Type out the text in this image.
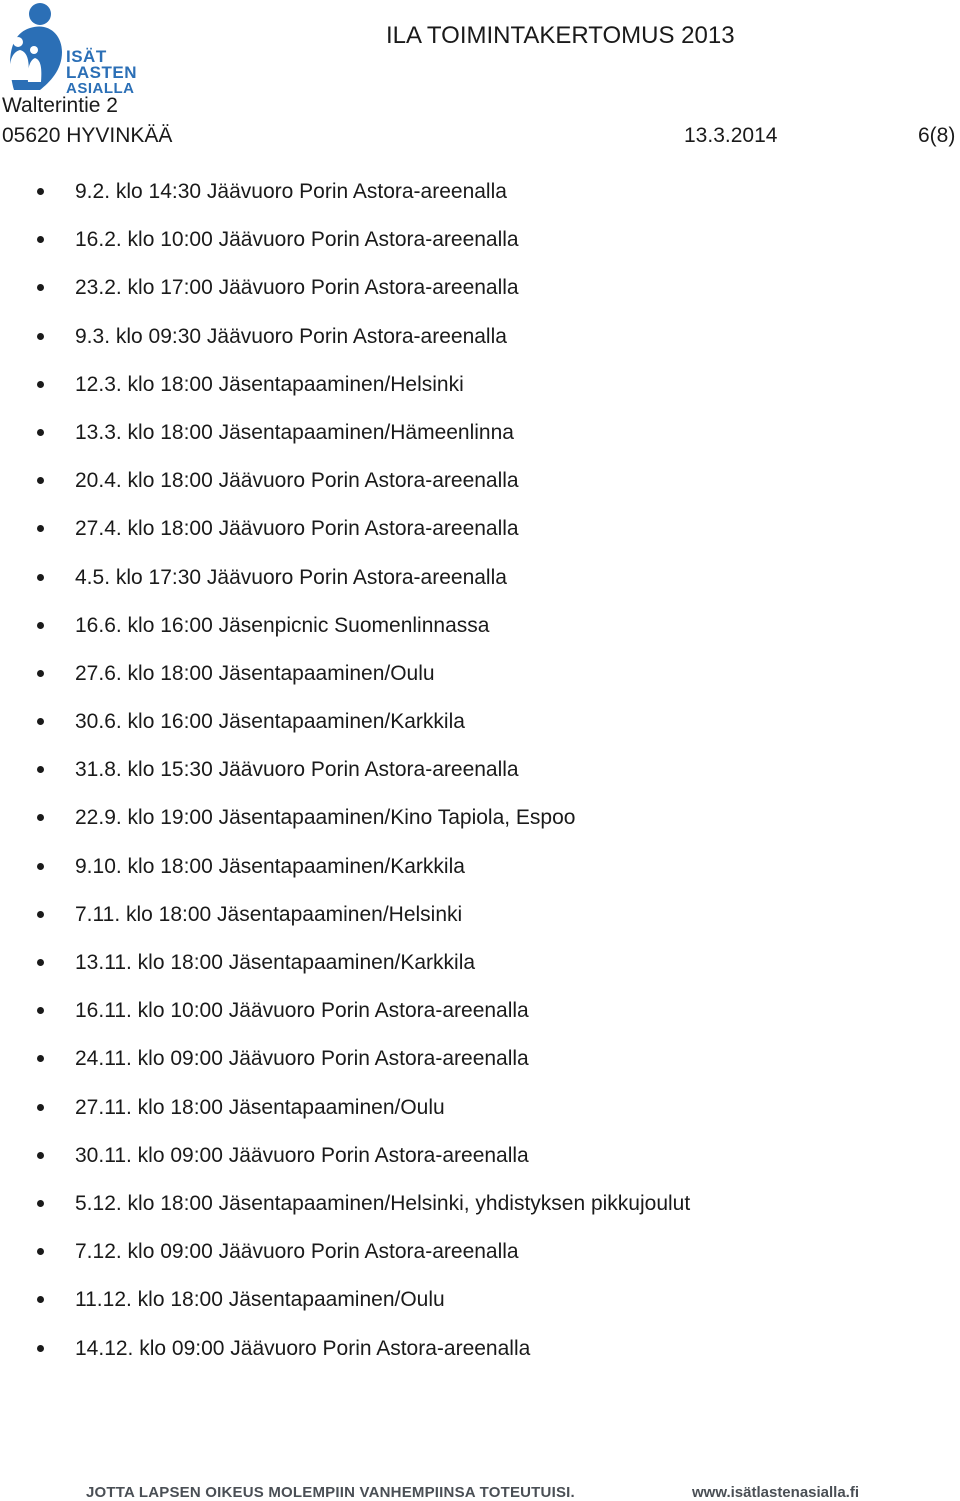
ISÄT
LASTEN
ASIALLA
ILA TOIMINTAKERTOMUS 2013
Walterintie 2
05620 HYVINKÄÄ	13.3.2014	6(8)
9.2. klo 14:30 Jäävuoro Porin Astora-areenalla
16.2. klo 10:00 Jäävuoro Porin Astora-areenalla
23.2. klo 17:00 Jäävuoro Porin Astora-areenalla
9.3. klo 09:30 Jäävuoro Porin Astora-areenalla
12.3. klo 18:00 Jäsentapaaminen/Helsinki
13.3. klo 18:00 Jäsentapaaminen/Hämeenlinna
20.4. klo 18:00 Jäävuoro Porin Astora-areenalla
27.4. klo 18:00 Jäävuoro Porin Astora-areenalla
4.5. klo 17:30 Jäävuoro Porin Astora-areenalla
16.6. klo 16:00 Jäsenpicnic Suomenlinnassa
27.6. klo 18:00 Jäsentapaaminen/Oulu
30.6. klo 16:00 Jäsentapaaminen/Karkkila
31.8. klo 15:30 Jäävuoro Porin Astora-areenalla
22.9. klo 19:00 Jäsentapaaminen/Kino Tapiola, Espoo
9.10. klo 18:00 Jäsentapaaminen/Karkkila
7.11. klo 18:00 Jäsentapaaminen/Helsinki
13.11. klo 18:00 Jäsentapaaminen/Karkkila
16.11. klo 10:00 Jäävuoro Porin Astora-areenalla
24.11. klo 09:00 Jäävuoro Porin Astora-areenalla
27.11. klo 18:00 Jäsentapaaminen/Oulu
30.11. klo 09:00 Jäävuoro Porin Astora-areenalla
5.12. klo 18:00 Jäsentapaaminen/Helsinki, yhdistyksen pikkujoulut
7.12. klo 09:00 Jäävuoro Porin Astora-areenalla
11.12. klo 18:00 Jäsentapaaminen/Oulu
14.12. klo 09:00 Jäävuoro Porin Astora-areenalla
JOTTA LAPSEN OIKEUS MOLEMPIIN VANHEMPIINSA TOTEUTUISI.	www.isätlastenasialla.fi
